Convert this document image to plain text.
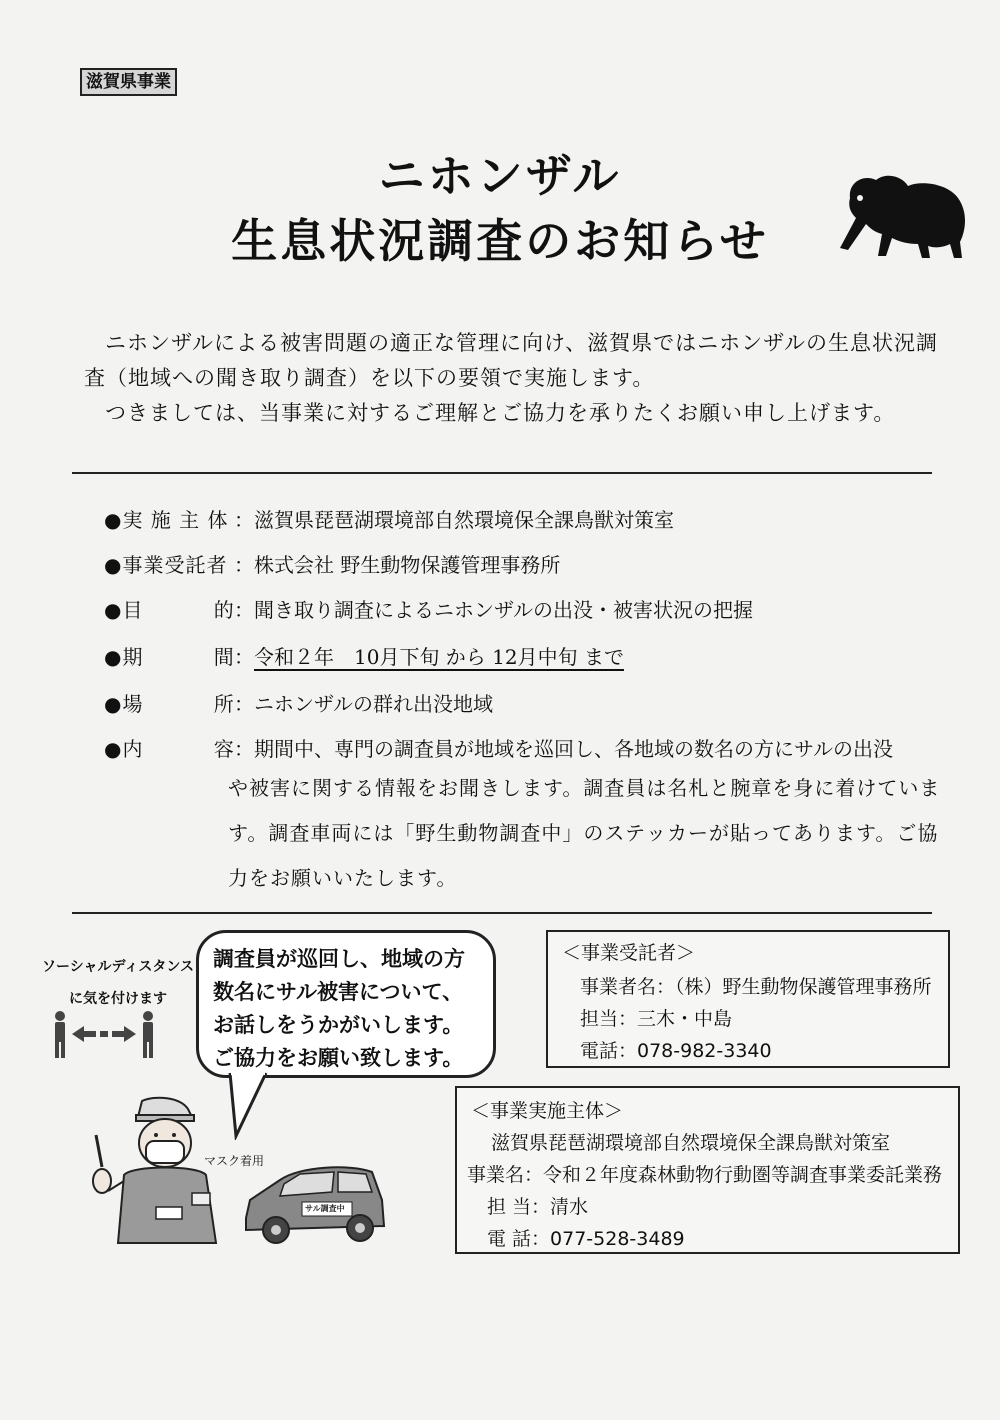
滋賀県事業
ニホンザル
生息状況調査のお知らせ
ニホンザルによる被害問題の適正な管理に向け、滋賀県ではニホンザルの生息状況調査（地域への聞き取り調査）を以下の要領で実施します。
つきましては、当事業に対するご理解とご協力を承りたくお願い申し上げます。
●実 施 主 体 ：滋賀県琵琶湖環境部自然環境保全課鳥獣対策室
●事業受託者 ：株式会社 野生動物保護管理事務所
●目　　　 的：聞き取り調査によるニホンザルの出没・被害状況の把握
●期　　　 間：令和２年　10月下旬 から 12月中旬 まで
●場　　　 所：ニホンザルの群れ出没地域
●内　　　 容：期間中、専門の調査員が地域を巡回し、各地域の数名の方にサルの出没
や被害に関する情報をお聞きします。調査員は名札と腕章を身に着けています。調査車両には「野生動物調査中」のステッカーが貼ってあります。ご協力をお願いいたします。
ソーシャルディスタンス
に気を付けます
調査員が巡回し、地域の方
数名にサル被害について、
お話しをうかがいします。
ご協力をお願い致します。
マスク着用
サル調査中
＜事業受託者＞
事業者名：（株）野生動物保護管理事務所
担当：三木・中島
電話：078-982-3340
＜事業実施主体＞
滋賀県琵琶湖環境部自然環境保全課鳥獣対策室
事業名：令和２年度森林動物行動圏等調査事業委託業務
担 当：清水
電 話：077-528-3489
